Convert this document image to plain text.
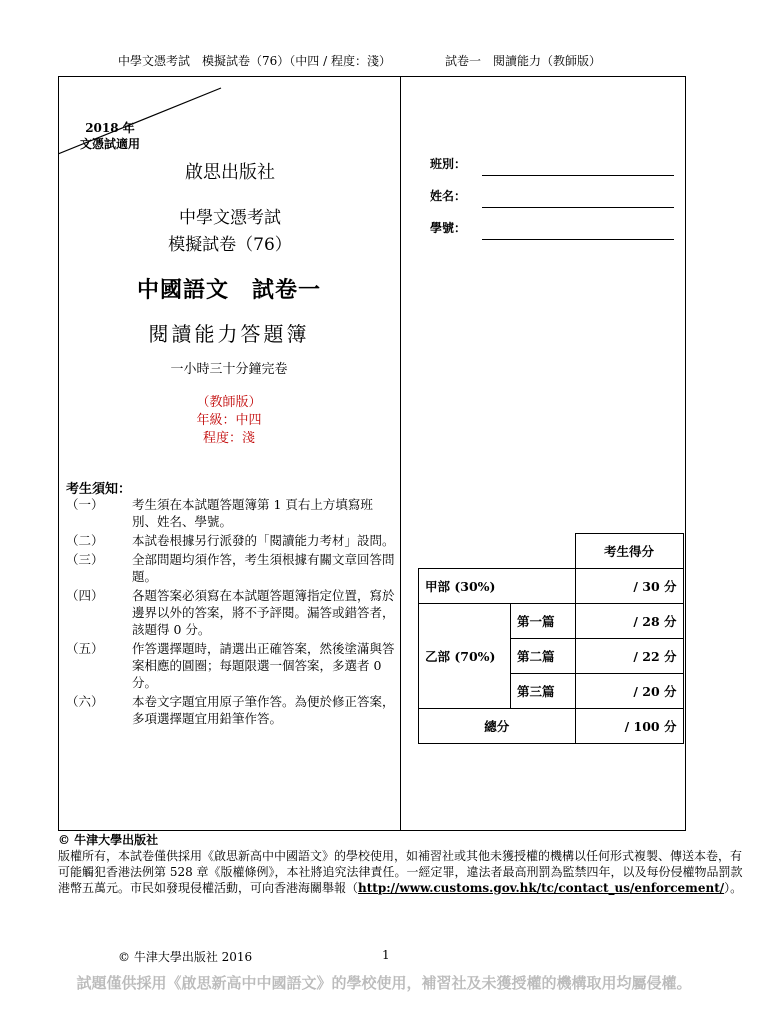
中學文憑考試　模擬試卷（76）（中四 / 程度：淺）	試卷一　閱讀能力（教師版）
2018 年
文憑試適用
啟思出版社
中學文憑考試
模擬試卷（76）
中國語文　試卷一
閱讀能力答題簿
一小時三十分鐘完卷
（教師版）
年級：中四
程度：淺
考生須知：
（一）	考生須在本試題答題簿第 1 頁右上方填寫班別、姓名、學號。
（二）	本試卷根據另行派發的「閱讀能力考材」設問。
（三）	全部問題均須作答，考生須根據有關文章回答問題。
（四）	各題答案必須寫在本試題答題簿指定位置，寫於邊界以外的答案，將不予評閱。漏答或錯答者，該題得 0 分。
（五）	作答選擇題時，請選出正確答案，然後塗滿與答案相應的圓圈；每題限選一個答案，多選者 0 分。
（六）	本卷文字題宜用原子筆作答。為便於修正答案，多項選擇題宜用鉛筆作答。
班別：
姓名：
學號：
		考生得分
甲部 (30%)		/ 30 分
乙部 (70%)	第一篇	/ 28 分
	第二篇	/ 22 分
	第三篇	/ 20 分
總分		/ 100 分
© 牛津大學出版社
版權所有，本試卷僅供採用《啟思新高中中國語文》的學校使用，如補習社或其他未獲授權的機構以任何形式複製、傳送本卷，有可能觸犯香港法例第 528 章《版權條例》，本社將追究法律責任。一經定罪，違法者最高刑罰為監禁四年，以及每份侵權物品罰款港幣五萬元。市民如發現侵權活動，可向香港海關舉報（http://www.customs.gov.hk/tc/contact_us/enforcement/）。
© 牛津大學出版社 2016	1
試題僅供採用《啟思新高中中國語文》的學校使用，補習社及未獲授權的機構取用均屬侵權。
